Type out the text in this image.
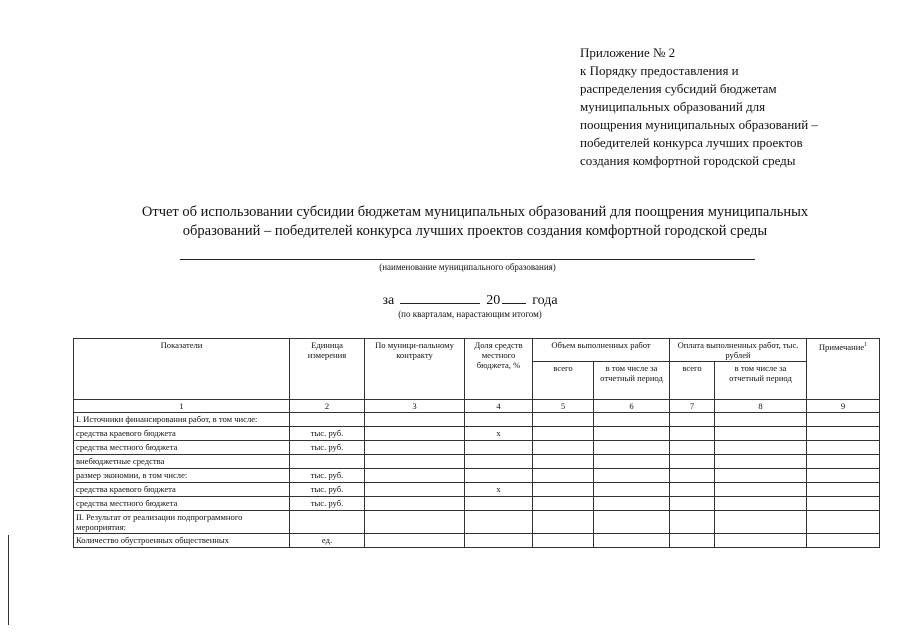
Приложение № 2
к Порядку предоставления и
распределения субсидий бюджетам
муниципальных образований для
поощрения муниципальных образований –
победителей конкурса лучших проектов
создания комфортной городской среды
Отчет об использовании субсидии бюджетам муниципальных образований для поощрения муниципальных
образований – победителей конкурса лучших проектов создания комфортной городской среды
(наименование муниципального образования)
за	20 года
(по кварталам, нарастающим итогом)
Показатели	Единица измерения	По муници-пальному контракту	Доля средств местного бюджета, %	Объем выполненных работ		Оплата выполненных работ, тыс. рублей		Примечание$^1$
				всего	в том числе за отчетный период	всего	в том числе за отчетный период	
1	2	3	4	5	6	7	8	9
I. Источники финансирования работ, в том числе:								
средства краевого бюджета	тыс. руб.		х					
средства местного бюджета	тыс. руб.							
внебюджетные средства								
размер экономии, в том числе:	тыс. руб.							
средства краевого бюджета	тыс. руб.		х					
средства местного бюджета	тыс. руб.							
II. Результат от реализации подпрограммного мероприятия:								
Количество обустроенных общественных	ед.							
